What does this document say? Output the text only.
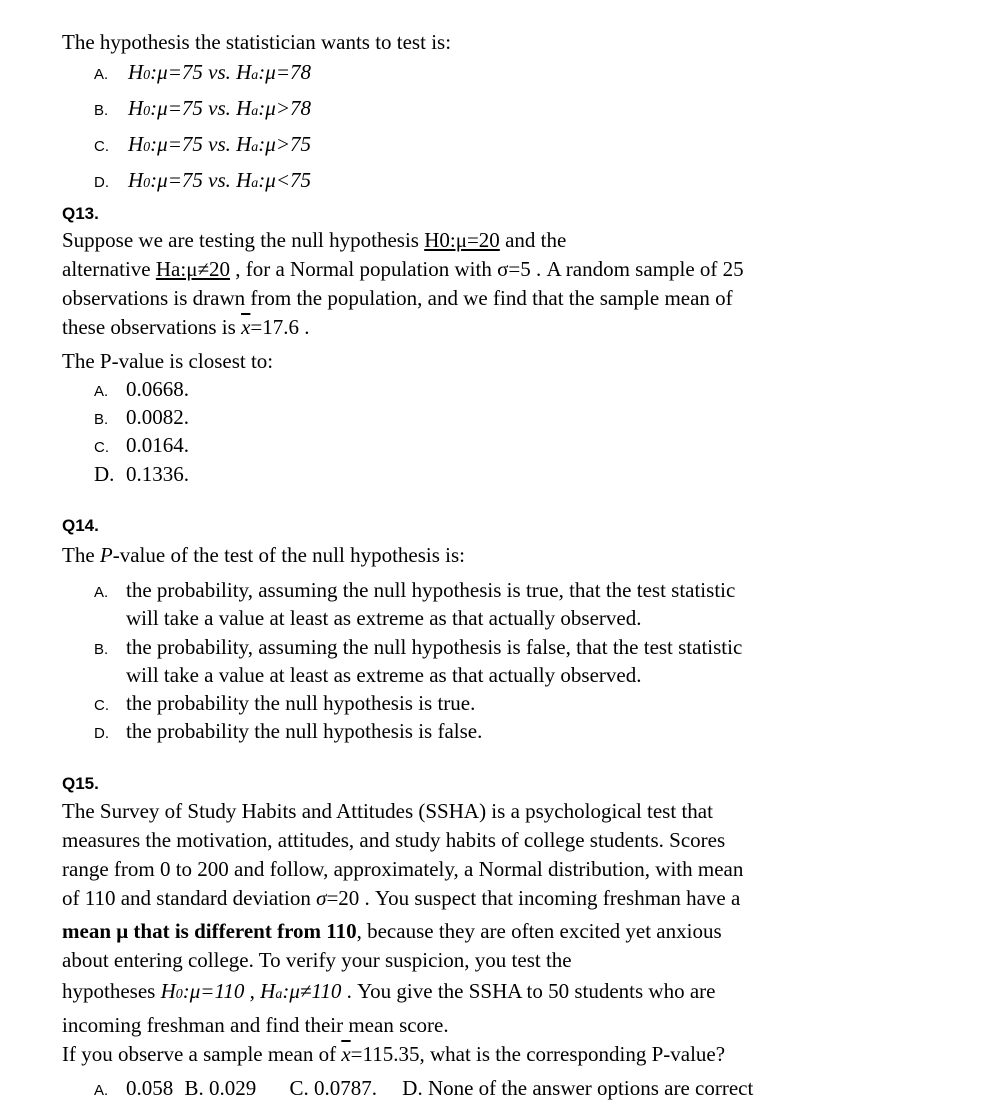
The hypothesis the statistician wants to test is:
A. H0:μ=75 vs. Ha:μ=78
B. H0:μ=75 vs. Ha:μ>78
C. H0:μ=75 vs. Ha:μ>75
D. H0:μ=75 vs. Ha:μ<75
Q13.
Suppose we are testing the null hypothesis H0:μ=20 and the
alternative Ha:μ≠20 , for a Normal population with σ=5 . A random sample of 25
observations is drawn from the population, and we find that the sample mean of
these observations is $\overline{x}=17.6$ .
The P-value is closest to:
A. 0.0668.
B. 0.0082.
C. 0.0164.
D. 0.1336.
Q14.
The P-value of the test of the null hypothesis is:
A. the probability, assuming the null hypothesis is true, that the test statistic
will take a value at least as extreme as that actually observed.
B. the probability, assuming the null hypothesis is false, that the test statistic
will take a value at least as extreme as that actually observed.
C. the probability the null hypothesis is true.
D. the probability the null hypothesis is false.
Q15.
The Survey of Study Habits and Attitudes (SSHA) is a psychological test that
measures the motivation, attitudes, and study habits of college students. Scores
range from 0 to 200 and follow, approximately, a Normal distribution, with mean
of 110 and standard deviation σ=20 . You suspect that incoming freshman have a
mean μ that is different from 110, because they are often excited yet anxious
about entering college. To verify your suspicion, you test the
hypotheses H0:μ=110 , Ha:μ≠110 . You give the SSHA to 50 students who are
incoming freshman and find their mean score.
If you observe a sample mean of $\overline{x}=115.35$, what is the corresponding P-value?
A. 0.058 B. 0.029 C. 0.0787. D. None of the answer options are correct
